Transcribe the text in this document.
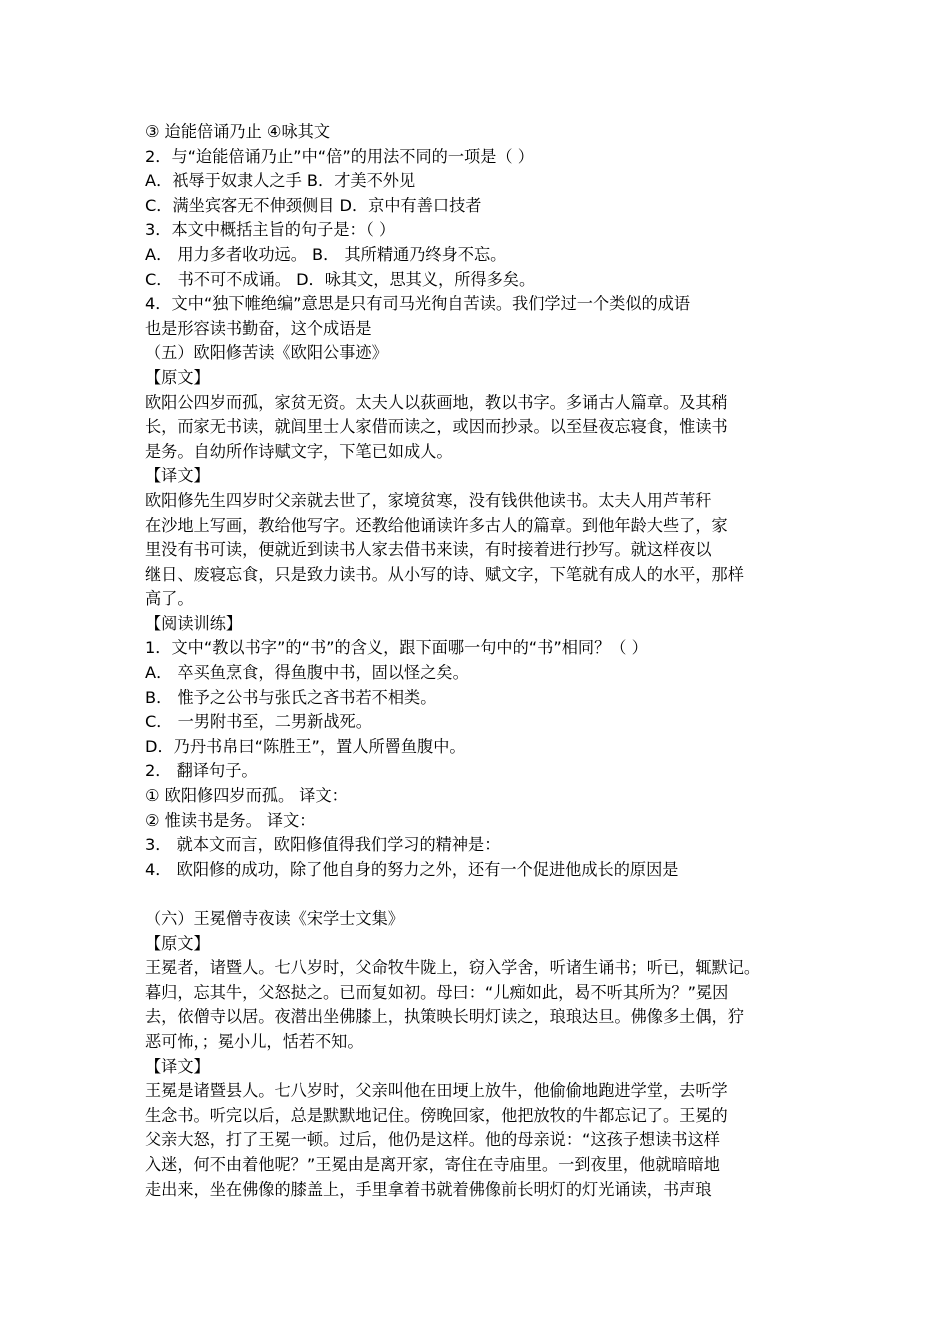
③ 迨能倍诵乃止 ④咏其文
2．与“迨能倍诵乃止”中“倍”的用法不同的一项是（ ）
A．祇辱于奴隶人之手 B．才美不外见
C．满坐宾客无不伸颈侧目 D．京中有善口技者
3．本文中概括主旨的句子是：（ ）
A． 用力多者收功远。 B． 其所精通乃终身不忘。
C． 书不可不成诵。 D．咏其文，思其义，所得多矣。
4．文中“独下帷绝编”意思是只有司马光徇自苦读。我们学过一个类似的成语
也是形容读书勤奋，这个成语是
（五）欧阳修苦读《欧阳公事迹》
【原文】
欧阳公四岁而孤，家贫无资。太夫人以荻画地，教以书字。多诵古人篇章。及其稍
长，而家无书读，就闾里士人家借而读之，或因而抄录。以至昼夜忘寝食，惟读书
是务。自幼所作诗赋文字，下笔已如成人。
【译文】
欧阳修先生四岁时父亲就去世了，家境贫寒，没有钱供他读书。太夫人用芦苇秆
在沙地上写画，教给他写字。还教给他诵读许多古人的篇章。到他年龄大些了，家
里没有书可读，便就近到读书人家去借书来读，有时接着进行抄写。就这样夜以
继日、废寝忘食，只是致力读书。从小写的诗、赋文字，下笔就有成人的水平，那样
高了。
【阅读训练】
1．文中“教以书字”的“书”的含义，跟下面哪一句中的“书”相同？（ ）
A． 卒买鱼烹食，得鱼腹中书，固以怪之矣。
B． 惟予之公书与张氏之吝书若不相类。
C． 一男附书至，二男新战死。
D．乃丹书帛曰“陈胜王”，置人所罾鱼腹中。
2． 翻译句子。
① 欧阳修四岁而孤。 译文：
② 惟读书是务。 译文：
3． 就本文而言，欧阳修值得我们学习的精神是：
4． 欧阳修的成功，除了他自身的努力之外，还有一个促进他成长的原因是
（六）王冕僧寺夜读《宋学士文集》
【原文】
王冕者，诸暨人。七八岁时，父命牧牛陇上，窃入学舍，听诸生诵书；听已，辄默记。
暮归，忘其牛，父怒挞之。已而复如初。母曰：“儿痴如此，曷不听其所为？”冕因
去，依僧寺以居。夜潜出坐佛膝上，执策映长明灯读之，琅琅达旦。佛像多土偶，狞
恶可怖，；冕小儿，恬若不知。
【译文】
王冕是诸暨县人。七八岁时，父亲叫他在田埂上放牛，他偷偷地跑进学堂，去听学
生念书。听完以后，总是默默地记住。傍晚回家，他把放牧的牛都忘记了。王冕的
父亲大怒，打了王冕一顿。过后，他仍是这样。他的母亲说：“这孩子想读书这样
入迷，何不由着他呢？”王冕由是离开家，寄住在寺庙里。一到夜里，他就暗暗地
走出来，坐在佛像的膝盖上，手里拿着书就着佛像前长明灯的灯光诵读，书声琅
